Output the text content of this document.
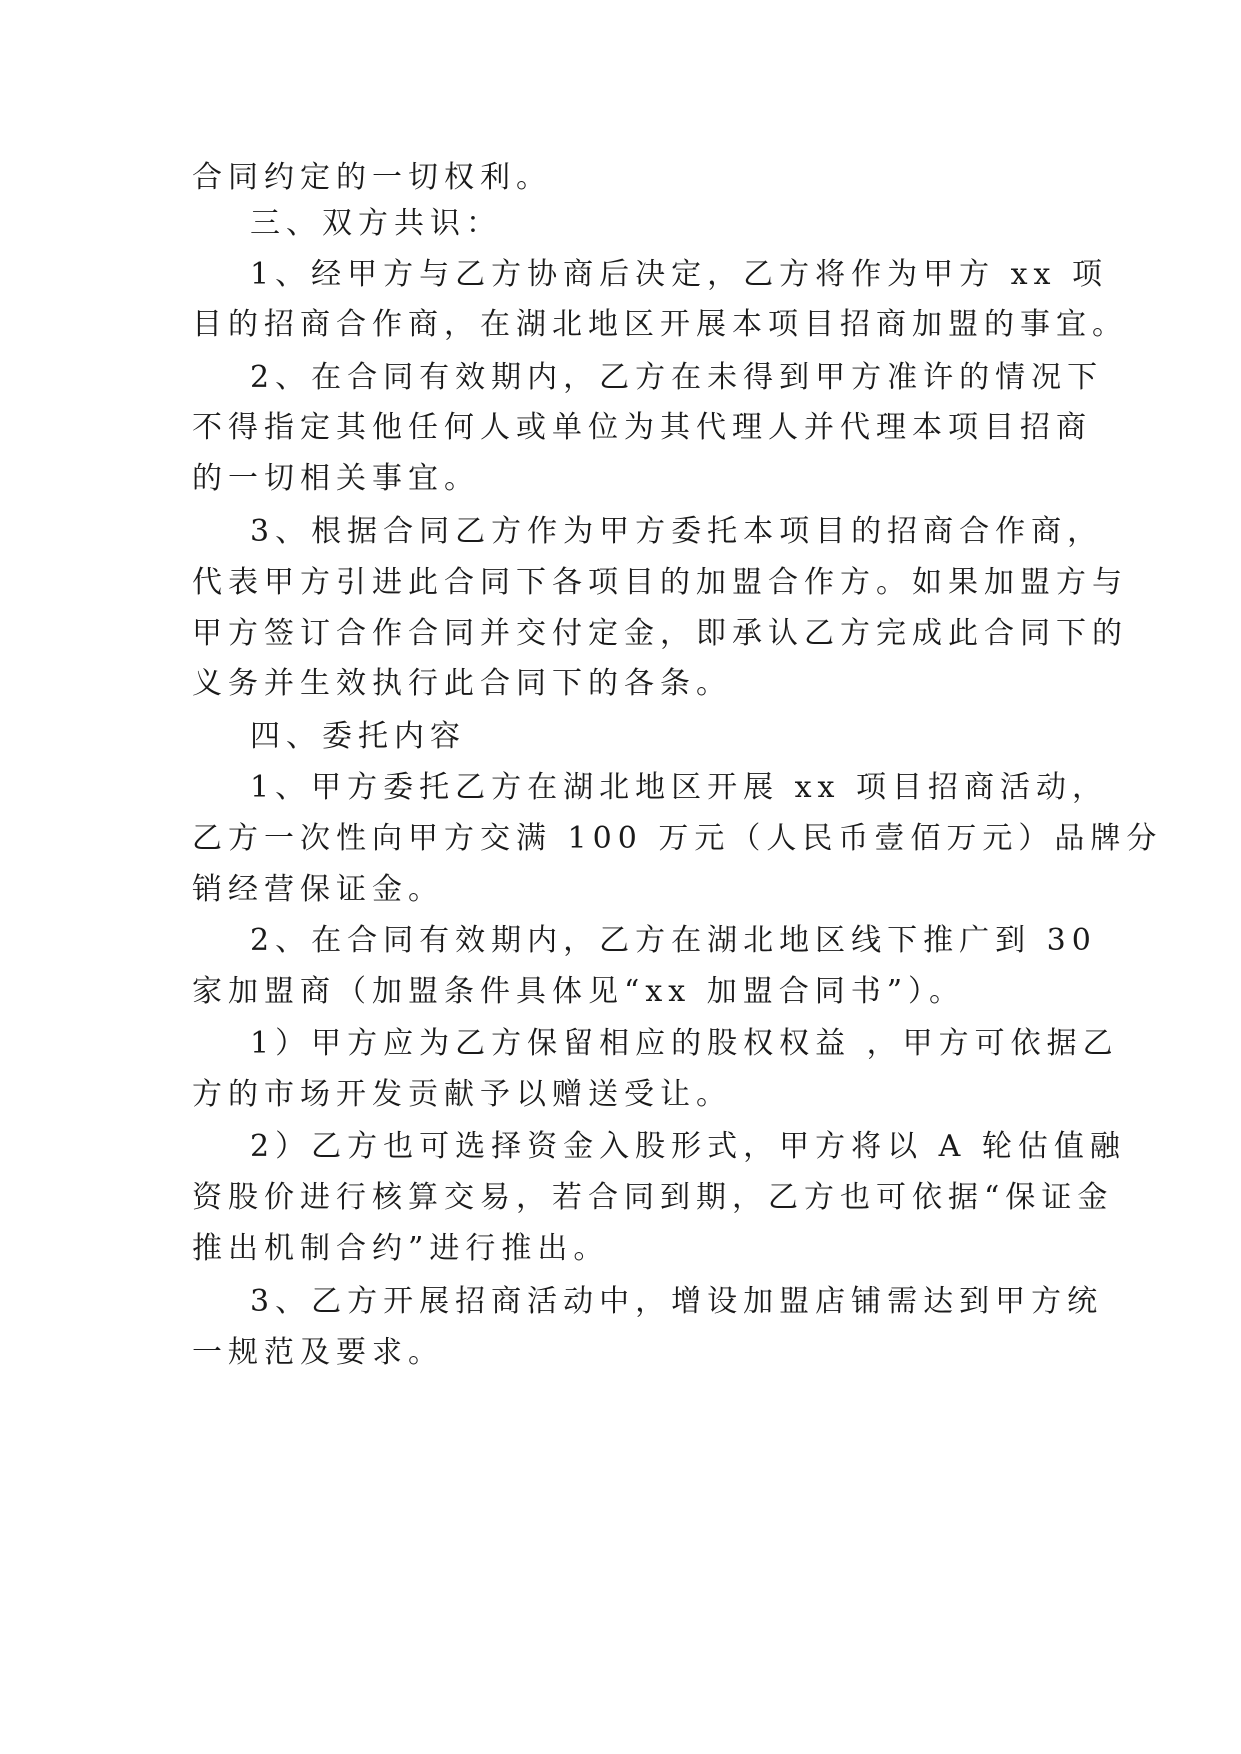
合同约定的一切权利。
三、双方共识：
1、经甲方与乙方协商后决定，乙方将作为甲方 xx 项
目的招商合作商，在湖北地区开展本项目招商加盟的事宜。
2、在合同有效期内，乙方在未得到甲方准许的情况下
不得指定其他任何人或单位为其代理人并代理本项目招商
的一切相关事宜。
3、根据合同乙方作为甲方委托本项目的招商合作商，
代表甲方引进此合同下各项目的加盟合作方。如果加盟方与
甲方签订合作合同并交付定金，即承认乙方完成此合同下的
义务并生效执行此合同下的各条。
四、委托内容
1、甲方委托乙方在湖北地区开展 xx 项目招商活动，
乙方一次性向甲方交满 100 万元（人民币壹佰万元）品牌分
销经营保证金。
2、在合同有效期内，乙方在湖北地区线下推广到 30
家加盟商（加盟条件具体见“xx 加盟合同书”）。
1）甲方应为乙方保留相应的股权权益 ，甲方可依据乙
方的市场开发贡献予以赠送受让。
2）乙方也可选择资金入股形式，甲方将以 A 轮估值融
资股价进行核算交易，若合同到期，乙方也可依据“保证金
推出机制合约”进行推出。
3、乙方开展招商活动中，增设加盟店铺需达到甲方统
一规范及要求。
